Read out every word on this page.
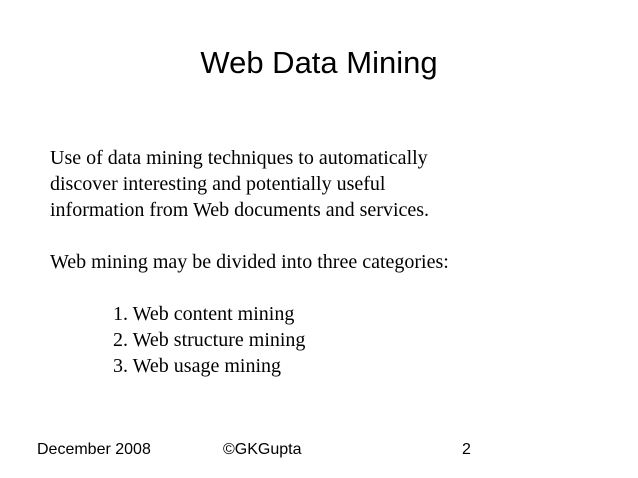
Web Data Mining
Use of data mining techniques to automatically
discover interesting and potentially useful
information from Web documents and services.
Web mining may be divided into three categories:
1. Web content mining
2. Web structure mining
3. Web usage mining
December 2008	©GKGupta	2
